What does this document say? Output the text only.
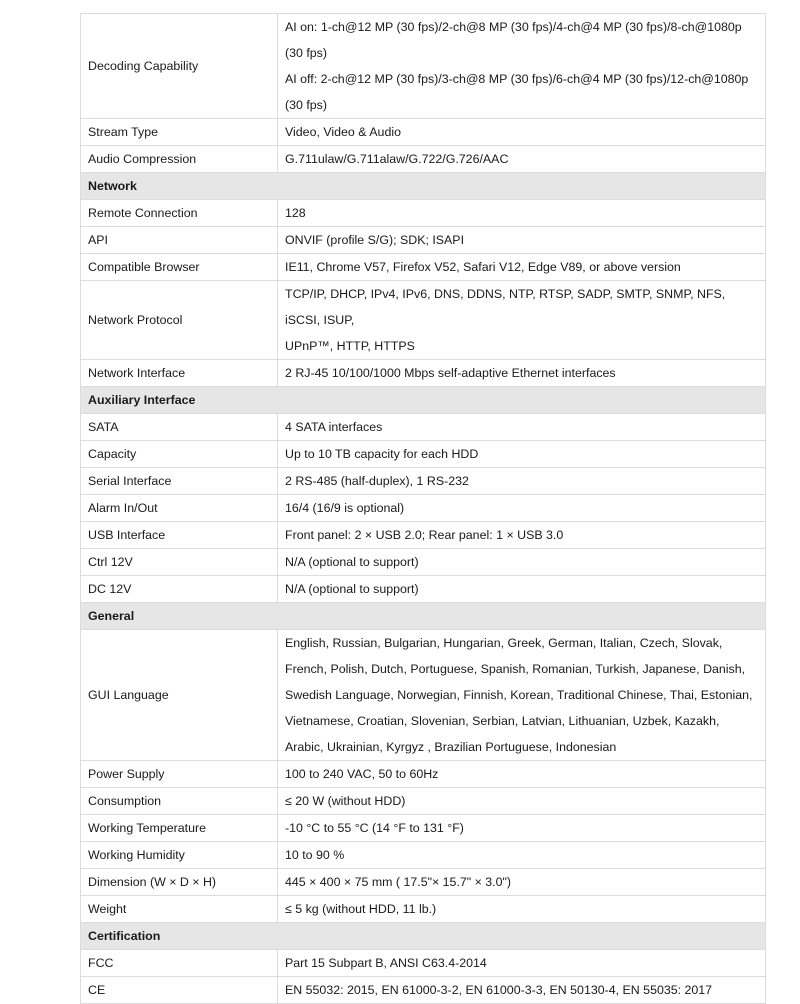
Decoding Capability	AI on: 1-ch@12 MP (30 fps)/2-ch@8 MP (30 fps)/4-ch@4 MP (30 fps)/8-ch@1080p
(30 fps)
AI off: 2-ch@12 MP (30 fps)/3-ch@8 MP (30 fps)/6-ch@4 MP (30 fps)/12-ch@1080p
(30 fps)

Stream Type	Video, Video & Audio

Audio Compression	G.711ulaw/G.711alaw/G.722/G.726/AAC

Network	
Remote Connection	128

API	ONVIF (profile S/G); SDK; ISAPI

Compatible Browser	IE11, Chrome V57, Firefox V52, Safari V12, Edge V89, or above version

Network Protocol	TCP/IP, DHCP, IPv4, IPv6, DNS, DDNS, NTP, RTSP, SADP, SMTP, SNMP, NFS, iSCSI, ISUP,
UPnP™, HTTP, HTTPS

Network Interface	2 RJ-45 10/100/1000 Mbps self-adaptive Ethernet interfaces

Auxiliary Interface	
SATA	4 SATA interfaces

Capacity	Up to 10 TB capacity for each HDD

Serial Interface	2 RS-485 (half-duplex), 1 RS-232

Alarm In/Out	16/4 (16/9 is optional)

USB Interface	Front panel: 2 × USB 2.0; Rear panel: 1 × USB 3.0

Ctrl 12V	N/A (optional to support)

DC 12V	N/A (optional to support)

General	
GUI Language	English, Russian, Bulgarian, Hungarian, Greek, German, Italian, Czech, Slovak,
French, Polish, Dutch, Portuguese, Spanish, Romanian, Turkish, Japanese, Danish,
Swedish Language, Norwegian, Finnish, Korean, Traditional Chinese, Thai, Estonian,
Vietnamese, Croatian, Slovenian, Serbian, Latvian, Lithuanian, Uzbek, Kazakh,
Arabic, Ukrainian, Kyrgyz , Brazilian Portuguese, Indonesian

Power Supply	100 to 240 VAC, 50 to 60Hz

Consumption	≤ 20 W (without HDD)

Working Temperature	-10 °C to 55 °C (14 °F to 131 °F)

Working Humidity	10 to 90 %

Dimension (W × D × H)	445 × 400 × 75 mm ( 17.5"× 15.7" × 3.0")

Weight	≤ 5 kg (without HDD, 11 lb.)

Certification	
FCC	Part 15 Subpart B, ANSI C63.4-2014

CE	EN 55032: 2015, EN 61000-3-2, EN 61000-3-3, EN 50130-4, EN 55035: 2017
